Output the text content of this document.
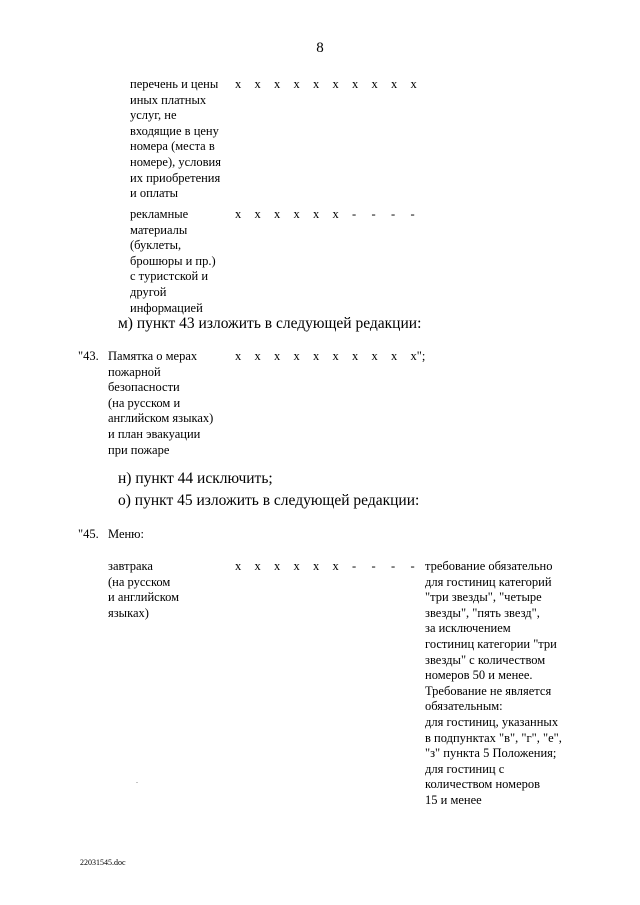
8
перечень и цены
иных платных
услуг, не
входящие в цену
номера (места в
номере), условия
их приобретения
и оплаты
х	х	х	х	х	х	х	х	х	х
рекламные
материалы
(буклеты,
брошюры и пр.)
с туристской и
другой
информацией
х	х	х	х	х	х	-	-	-	-
м) пункт 43 изложить в следующей редакции:
"43. Памятка о мерах
пожарной
безопасности
(на русском и
английском языках)
и план эвакуации
при пожаре
х	х	х	х	х	х	х	х	х	х";
н) пункт 44 исключить;
о) пункт 45 изложить в следующей редакции:
"45. Меню:
завтрака
(на русском
и английском
языках)
х	х	х	х	х	х	-	-	-	- требование обязательно
для гостиниц категорий
"три звезды", "четыре
звезды", "пять звезд",
за исключением
гостиниц категории "три
звезды" с количеством
номеров 50 и менее.
Требование не является
обязательным:
для гостиниц, указанных
в подпунктах "в", "г", "е",
"з" пункта 5 Положения;
для гостиниц с
количеством номеров
15 и менее
.
22031545.doc
